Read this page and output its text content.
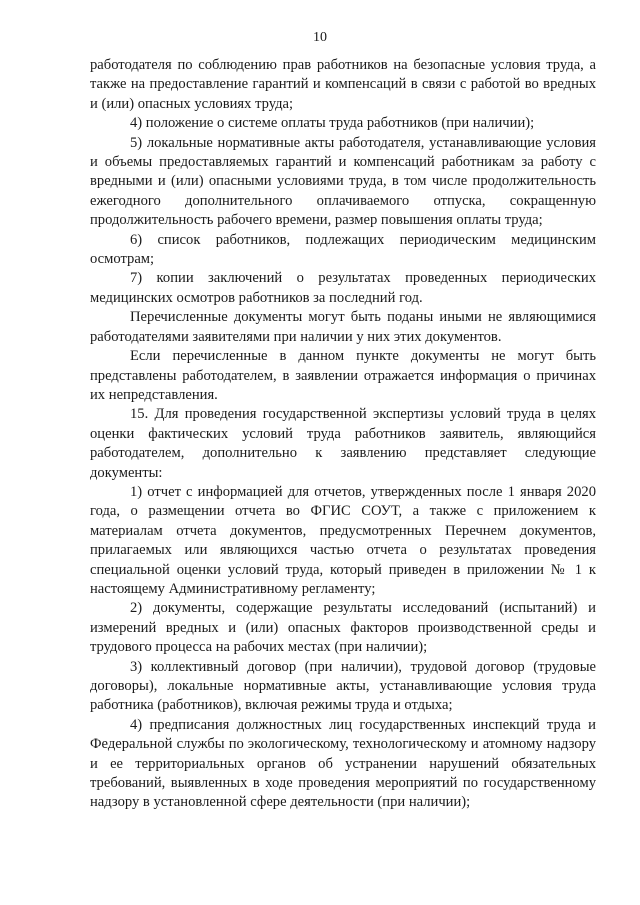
10

работодателя по соблюдению прав работников на безопасные условия труда, а также на предоставление гарантий и компенсаций в связи с работой во вредных и (или) опасных условиях труда;

4) положение о системе оплаты труда работников (при наличии);

5) локальные нормативные акты работодателя, устанавливающие условия и объемы предоставляемых гарантий и компенсаций работникам за работу с вредными и (или) опасными условиями труда, в том числе продолжительность ежегодного дополнительного оплачиваемого отпуска, сокращенную продолжительность рабочего времени, размер повышения оплаты труда;

6) список работников, подлежащих периодическим медицинским осмотрам;

7) копии заключений о результатах проведенных периодических медицинских осмотров работников за последний год.

Перечисленные документы могут быть поданы иными не являющимися работодателями заявителями при наличии у них этих документов.

Если перечисленные в данном пункте документы не могут быть представлены работодателем, в заявлении отражается информация о причинах их непредставления.

15. Для проведения государственной экспертизы условий труда в целях оценки фактических условий труда работников заявитель, являющийся работодателем, дополнительно к заявлению представляет следующие документы:

1) отчет с информацией для отчетов, утвержденных после 1 января 2020 года, о размещении отчета во ФГИС СОУТ, а также с приложением к материалам отчета документов, предусмотренных Перечнем документов, прилагаемых или являющихся частью отчета о результатах проведения специальной оценки условий труда, который приведен в приложении № 1 к настоящему Административному регламенту;

2) документы, содержащие результаты исследований (испытаний) и измерений вредных и (или) опасных факторов производственной среды и трудового процесса на рабочих местах (при наличии);

3) коллективный договор (при наличии), трудовой договор (трудовые договоры), локальные нормативные акты, устанавливающие условия труда работника (работников), включая режимы труда и отдыха;

4) предписания должностных лиц государственных инспекций труда и Федеральной службы по экологическому, технологическому и атомному надзору и ее территориальных органов об устранении нарушений обязательных требований, выявленных в ходе проведения мероприятий по государственному надзору в установленной сфере деятельности (при наличии);
